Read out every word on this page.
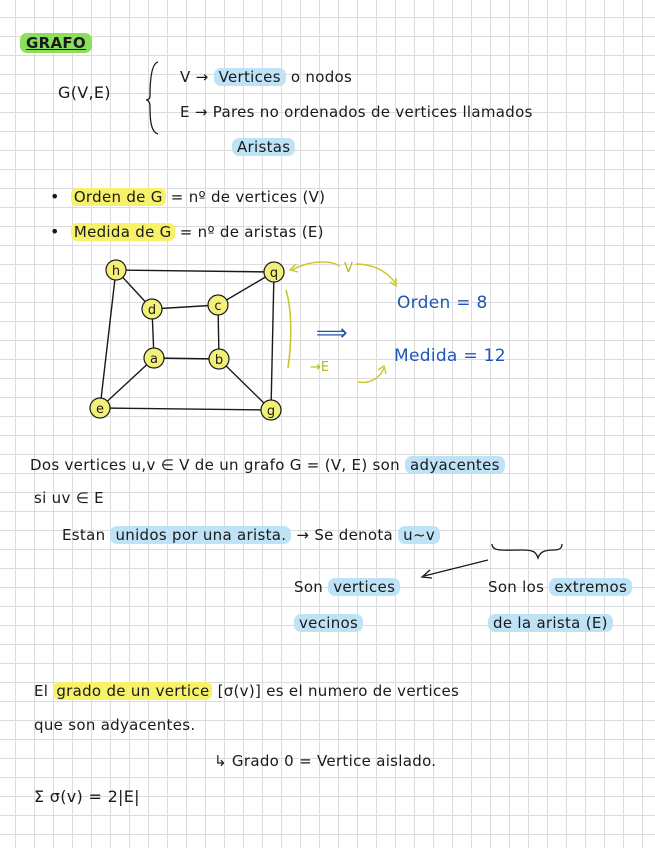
GRAFO
G(V,E)
V → Vertices o nodos
E → Pares no ordenados de vertices llamados
Aristas
• Orden de G = nº de vertices (V)
• Medida de G = nº de aristas (E)
h	q
d	c
a	b
e	g
V
→E
⟹
Orden = 8
Medida = 12
Dos vertices u,v ∈ V de un grafo G = (V, E) son adyacentes
si uv ∈ E
Estan unidos por una arista. → Se denota u~v
Son vertices
vecinos
Son los extremos
de la arista (E)
El grado de un vertice [σ(v)] es el numero de vertices
que son adyacentes.
↳ Grado 0 = Vertice aislado.
Σ σ(v) = 2|E|
